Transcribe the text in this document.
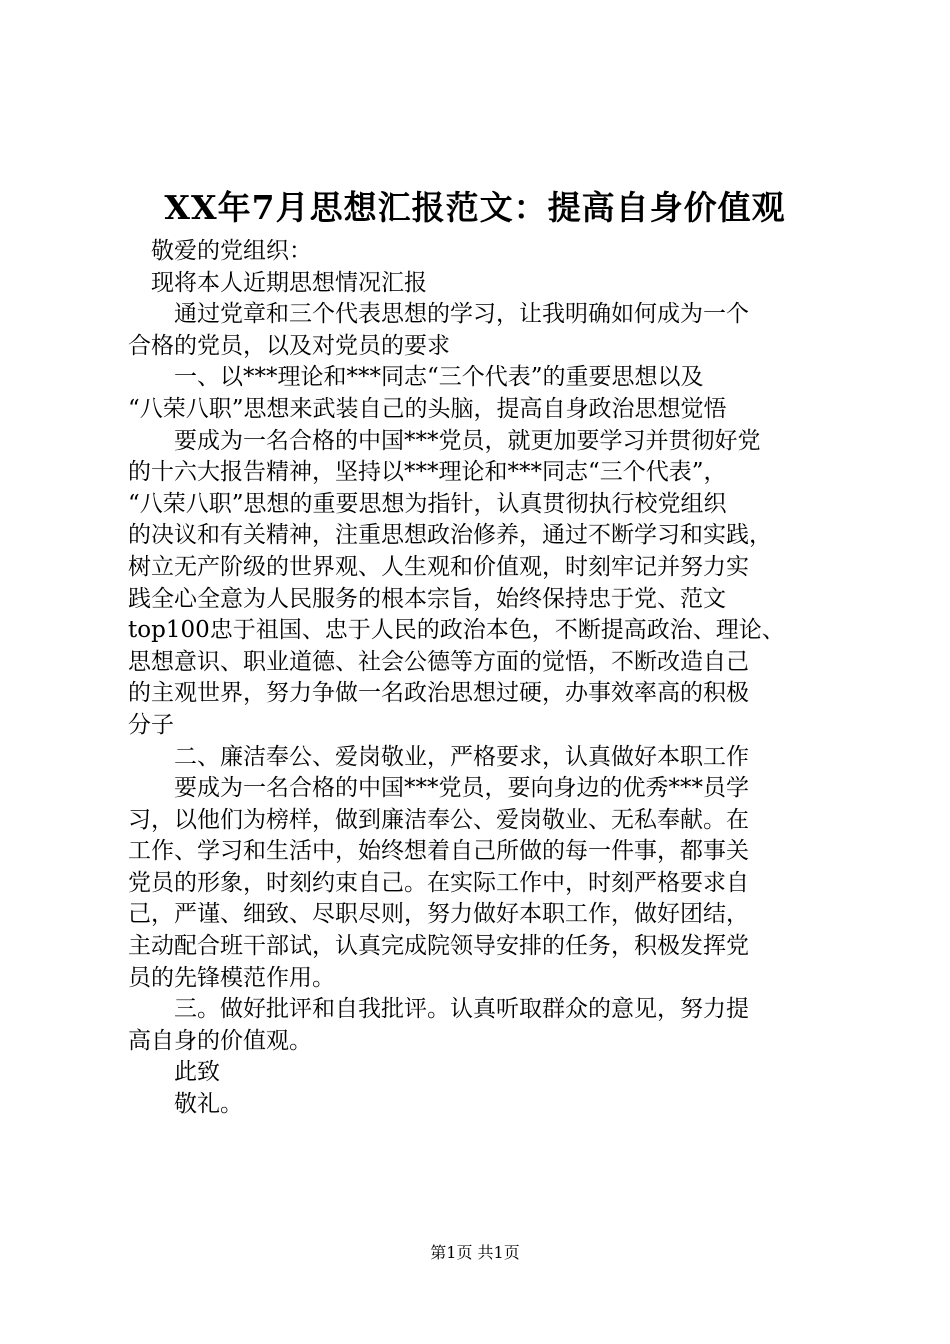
XX年7月思想汇报范文：提高自身价值观
　敬爱的党组织：
　现将本人近期思想情况汇报
　　通过党章和三个代表思想的学习，让我明确如何成为一个
合格的党员，以及对党员的要求
　　一、以***理论和***同志“三个代表”的重要思想以及
“八荣八职”思想来武装自己的头脑，提高自身政治思想觉悟
　　要成为一名合格的中国***党员，就更加要学习并贯彻好党
的十六大报告精神，坚持以***理论和***同志“三个代表”，
“八荣八职”思想的重要思想为指针，认真贯彻执行校党组织
的决议和有关精神，注重思想政治修养，通过不断学习和实践，
树立无产阶级的世界观、人生观和价值观，时刻牢记并努力实
践全心全意为人民服务的根本宗旨，始终保持忠于党、范文
top100忠于祖国、忠于人民的政治本色，不断提高政治、理论、
思想意识、职业道德、社会公德等方面的觉悟，不断改造自己
的主观世界，努力争做一名政治思想过硬，办事效率高的积极
分子
　　二、廉洁奉公、爱岗敬业，严格要求，认真做好本职工作
　　要成为一名合格的中国***党员，要向身边的优秀***员学
习，以他们为榜样，做到廉洁奉公、爱岗敬业、无私奉献。在
工作、学习和生活中，始终想着自己所做的每一件事，都事关
党员的形象，时刻约束自己。在实际工作中，时刻严格要求自
己，严谨、细致、尽职尽则，努力做好本职工作，做好团结，
主动配合班干部试，认真完成院领导安排的任务，积极发挥党
员的先锋模范作用。
　　三。做好批评和自我批评。认真听取群众的意见，努力提
高自身的价值观。
　　此致
　　敬礼。
第1页 共1页
